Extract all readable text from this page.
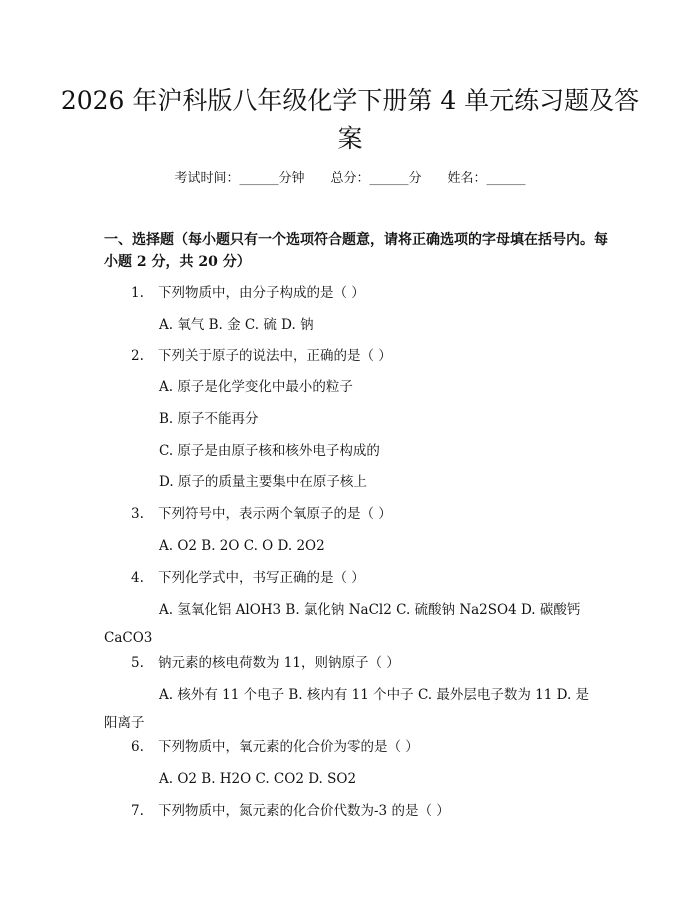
2026 年沪科版八年级化学下册第 4 单元练习题及答案
考试时间：______分钟 总分：______分 姓名：______

一、选择题（每小题只有一个选项符合题意，请将正确选项的字母填在括号内。每小题 2 分，共 20 分）

1. 下列物质中，由分子构成的是（ ）
A. 氧气 B. 金 C. 硫 D. 钠
2. 下列关于原子的说法中，正确的是（ ）
A. 原子是化学变化中最小的粒子
B. 原子不能再分
C. 原子是由原子核和核外电子构成的
D. 原子的质量主要集中在原子核上
3. 下列符号中，表示两个氧原子的是（ ）
A. O2 B. 2O C. O D. 2O2
4. 下列化学式中，书写正确的是（ ）
A. 氢氧化铝 AlOH3 B. 氯化钠 NaCl2 C. 硫酸钠 Na2SO4 D. 碳酸钙 CaCO3
5. 钠元素的核电荷数为 11，则钠原子（ ）
A. 核外有 11 个电子 B. 核内有 11 个中子 C. 最外层电子数为 11 D. 是阳离子
6. 下列物质中，氧元素的化合价为零的是（ ）
A. O2 B. H2O C. CO2 D. SO2
7. 下列物质中，氮元素的化合价代数为-3 的是（ ）
